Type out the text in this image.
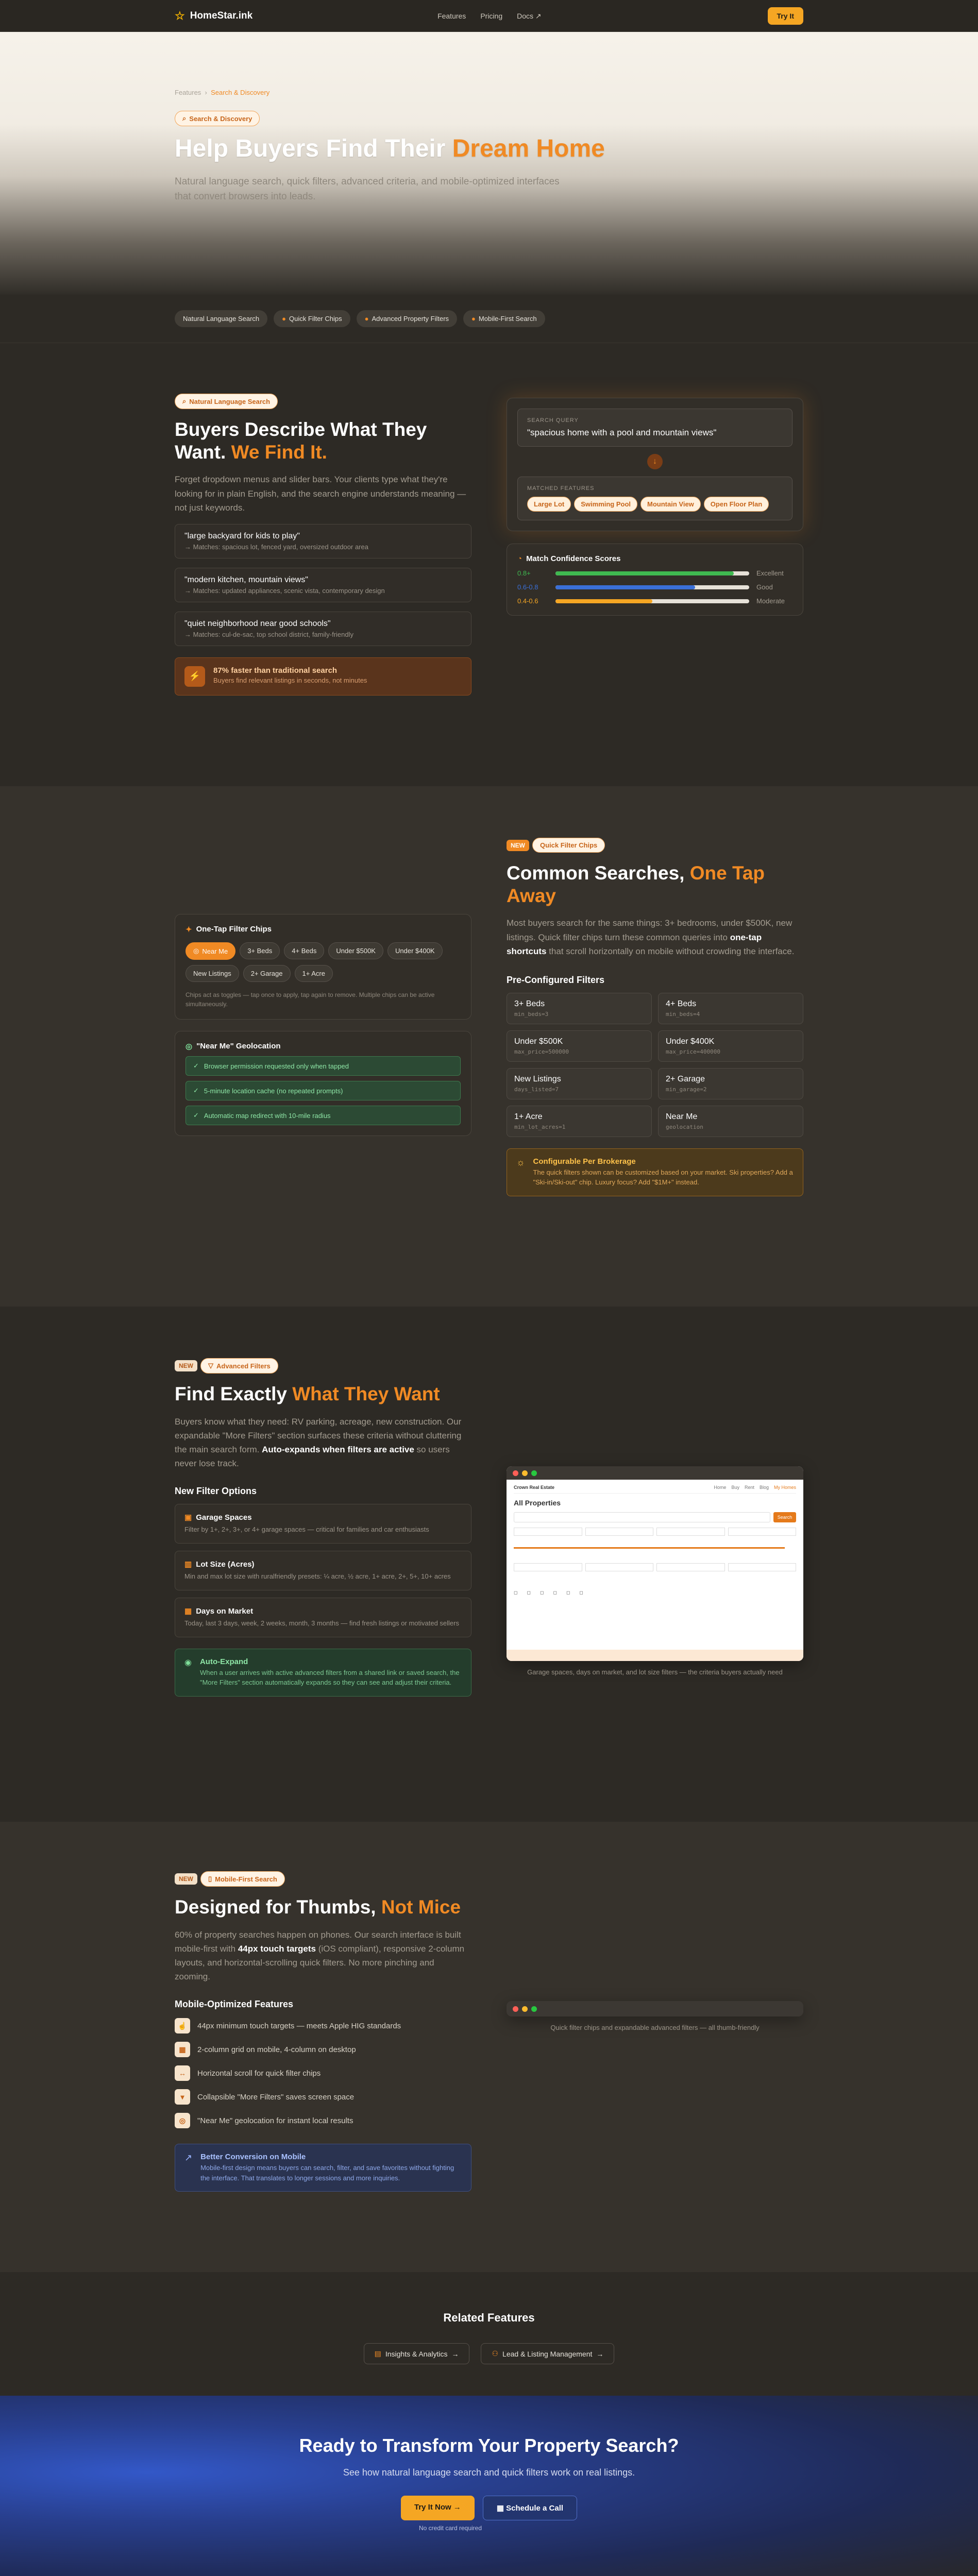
☆ HomeStar.ink	Features Pricing Docs ↗	Try It
Features  ›  Search & Discovery
⌕ Search & Discovery
Help Buyers Find Their Dream Home

Natural language search, quick filters, advanced criteria, and mobile-optimized interfaces that convert browsers into leads.

Natural Language Search	● Quick Filter Chips	● Advanced Property Filters	● Mobile-First Search
⌕ Natural Language Search
Buyers Describe What They Want. We Find It.
Forget dropdown menus and slider bars. Your clients type what they're looking for in plain English, and the search engine understands meaning — not just keywords.
"large backyard for kids to play"
→ Matches: spacious lot, fenced yard, oversized outdoor area
"modern kitchen, mountain views"
→ Matches: updated appliances, scenic vista, contemporary design
"quiet neighborhood near good schools"
→ Matches: cul-de-sac, top school district, family-friendly
⚡
87% faster than traditional search
Buyers find relevant listings in seconds, not minutes
SEARCH QUERY
"spacious home with a pool and mountain views"
↓
MATCHED FEATURES
Large Lot Swimming Pool Mountain View Open Floor Plan
◔ Match Confidence Scores
0.8+	Excellent
0.6-0.8	Good
0.4-0.6	Moderate
✦ One-Tap Filter Chips
◎ Near Me	3+ Beds	4+ Beds	Under $500K	Under $400KNew Listings	2+ Garage	1+ Acre
Chips act as toggles — tap once to apply, tap again to remove. Multiple chips can be active simultaneously.
◎ "Near Me" Geolocation
✓ Browser permission requested only when tapped
✓ 5-minute location cache (no repeated prompts)
✓ Automatic map redirect with 10-mile radius
NEW Quick Filter Chips
Common Searches, One Tap Away
Most buyers search for the same things: 3+ bedrooms, under $500K, new listings. Quick filter chips turn these common queries into one-tap shortcuts that scroll horizontally on mobile without crowding the interface.
Pre-Configured Filters
3+ Beds
min_beds=3
4+ Beds
min_beds=4
Under $500K
max_price=500000
Under $400K
max_price=400000
New Listings
days_listed=7
2+ Garage
min_garage=2
1+ Acre
min_lot_acres=1
Near Me
geolocation
☼ Configurable Per Brokerage
The quick filters shown can be customized based on your market. Ski properties? Add a "Ski-in/Ski-out" chip. Luxury focus? Add "$1M+" instead.
NEW ▽ Advanced Filters
Find Exactly What They Want
Buyers know what they need: RV parking, acreage, new construction. Our expandable "More Filters" section surfaces these criteria without cluttering the main search form. Auto-expands when filters are active so users never lose track.
New Filter Options
▣ Garage Spaces
Filter by 1+, 2+, 3+, or 4+ garage spaces — critical for families and car enthusiasts
▥ Lot Size (Acres)
Min and max lot size with ruralfriendly presets: ¼ acre, ½ acre, 1+ acre, 2+, 5+, 10+ acres
▦ Days on Market
Today, last 3 days, week, 2 weeks, month, 3 months — find fresh listings or motivated sellers
◉ Auto-Expand
When a user arrives with active advanced filters from a shared link or saved search, the "More Filters" section automatically expands so they can see and adjust their criteria.
Crown Real Estate	Home Buy Rent Blog My Homes
All Properties
Search
◻ ◻ ◻ ◻ ◻ ◻
Garage spaces, days on market, and lot size filters — the criteria buyers actually need
NEW ▯ Mobile-First Search
Designed for Thumbs, Not Mice
60% of property searches happen on phones. Our search interface is built mobile-first with 44px touch targets (iOS compliant), responsive 2-column layouts, and horizontal-scrolling quick filters. No more pinching and zooming.
Mobile-Optimized Features
☝	44px minimum touch targets — meets Apple HIG standards
▦	2-column grid on mobile, 4-column on desktop
↔	Horizontal scroll for quick filter chips
▾	Collapsible "More Filters" saves screen space
◎	"Near Me" geolocation for instant local results
↗ Better Conversion on Mobile
Mobile-first design means buyers can search, filter, and save favorites without fighting the interface. That translates to longer sessions and more inquiries.
Quick filter chips and expandable advanced filters — all thumb-friendly
Related Features
▤ Insights & Analytics →	⚇ Lead & Listing Management →
Ready to Transform Your Property Search?

See how natural language search and quick filters work on real listings.

Try It Now →	▦ Schedule a Call
No credit card required
